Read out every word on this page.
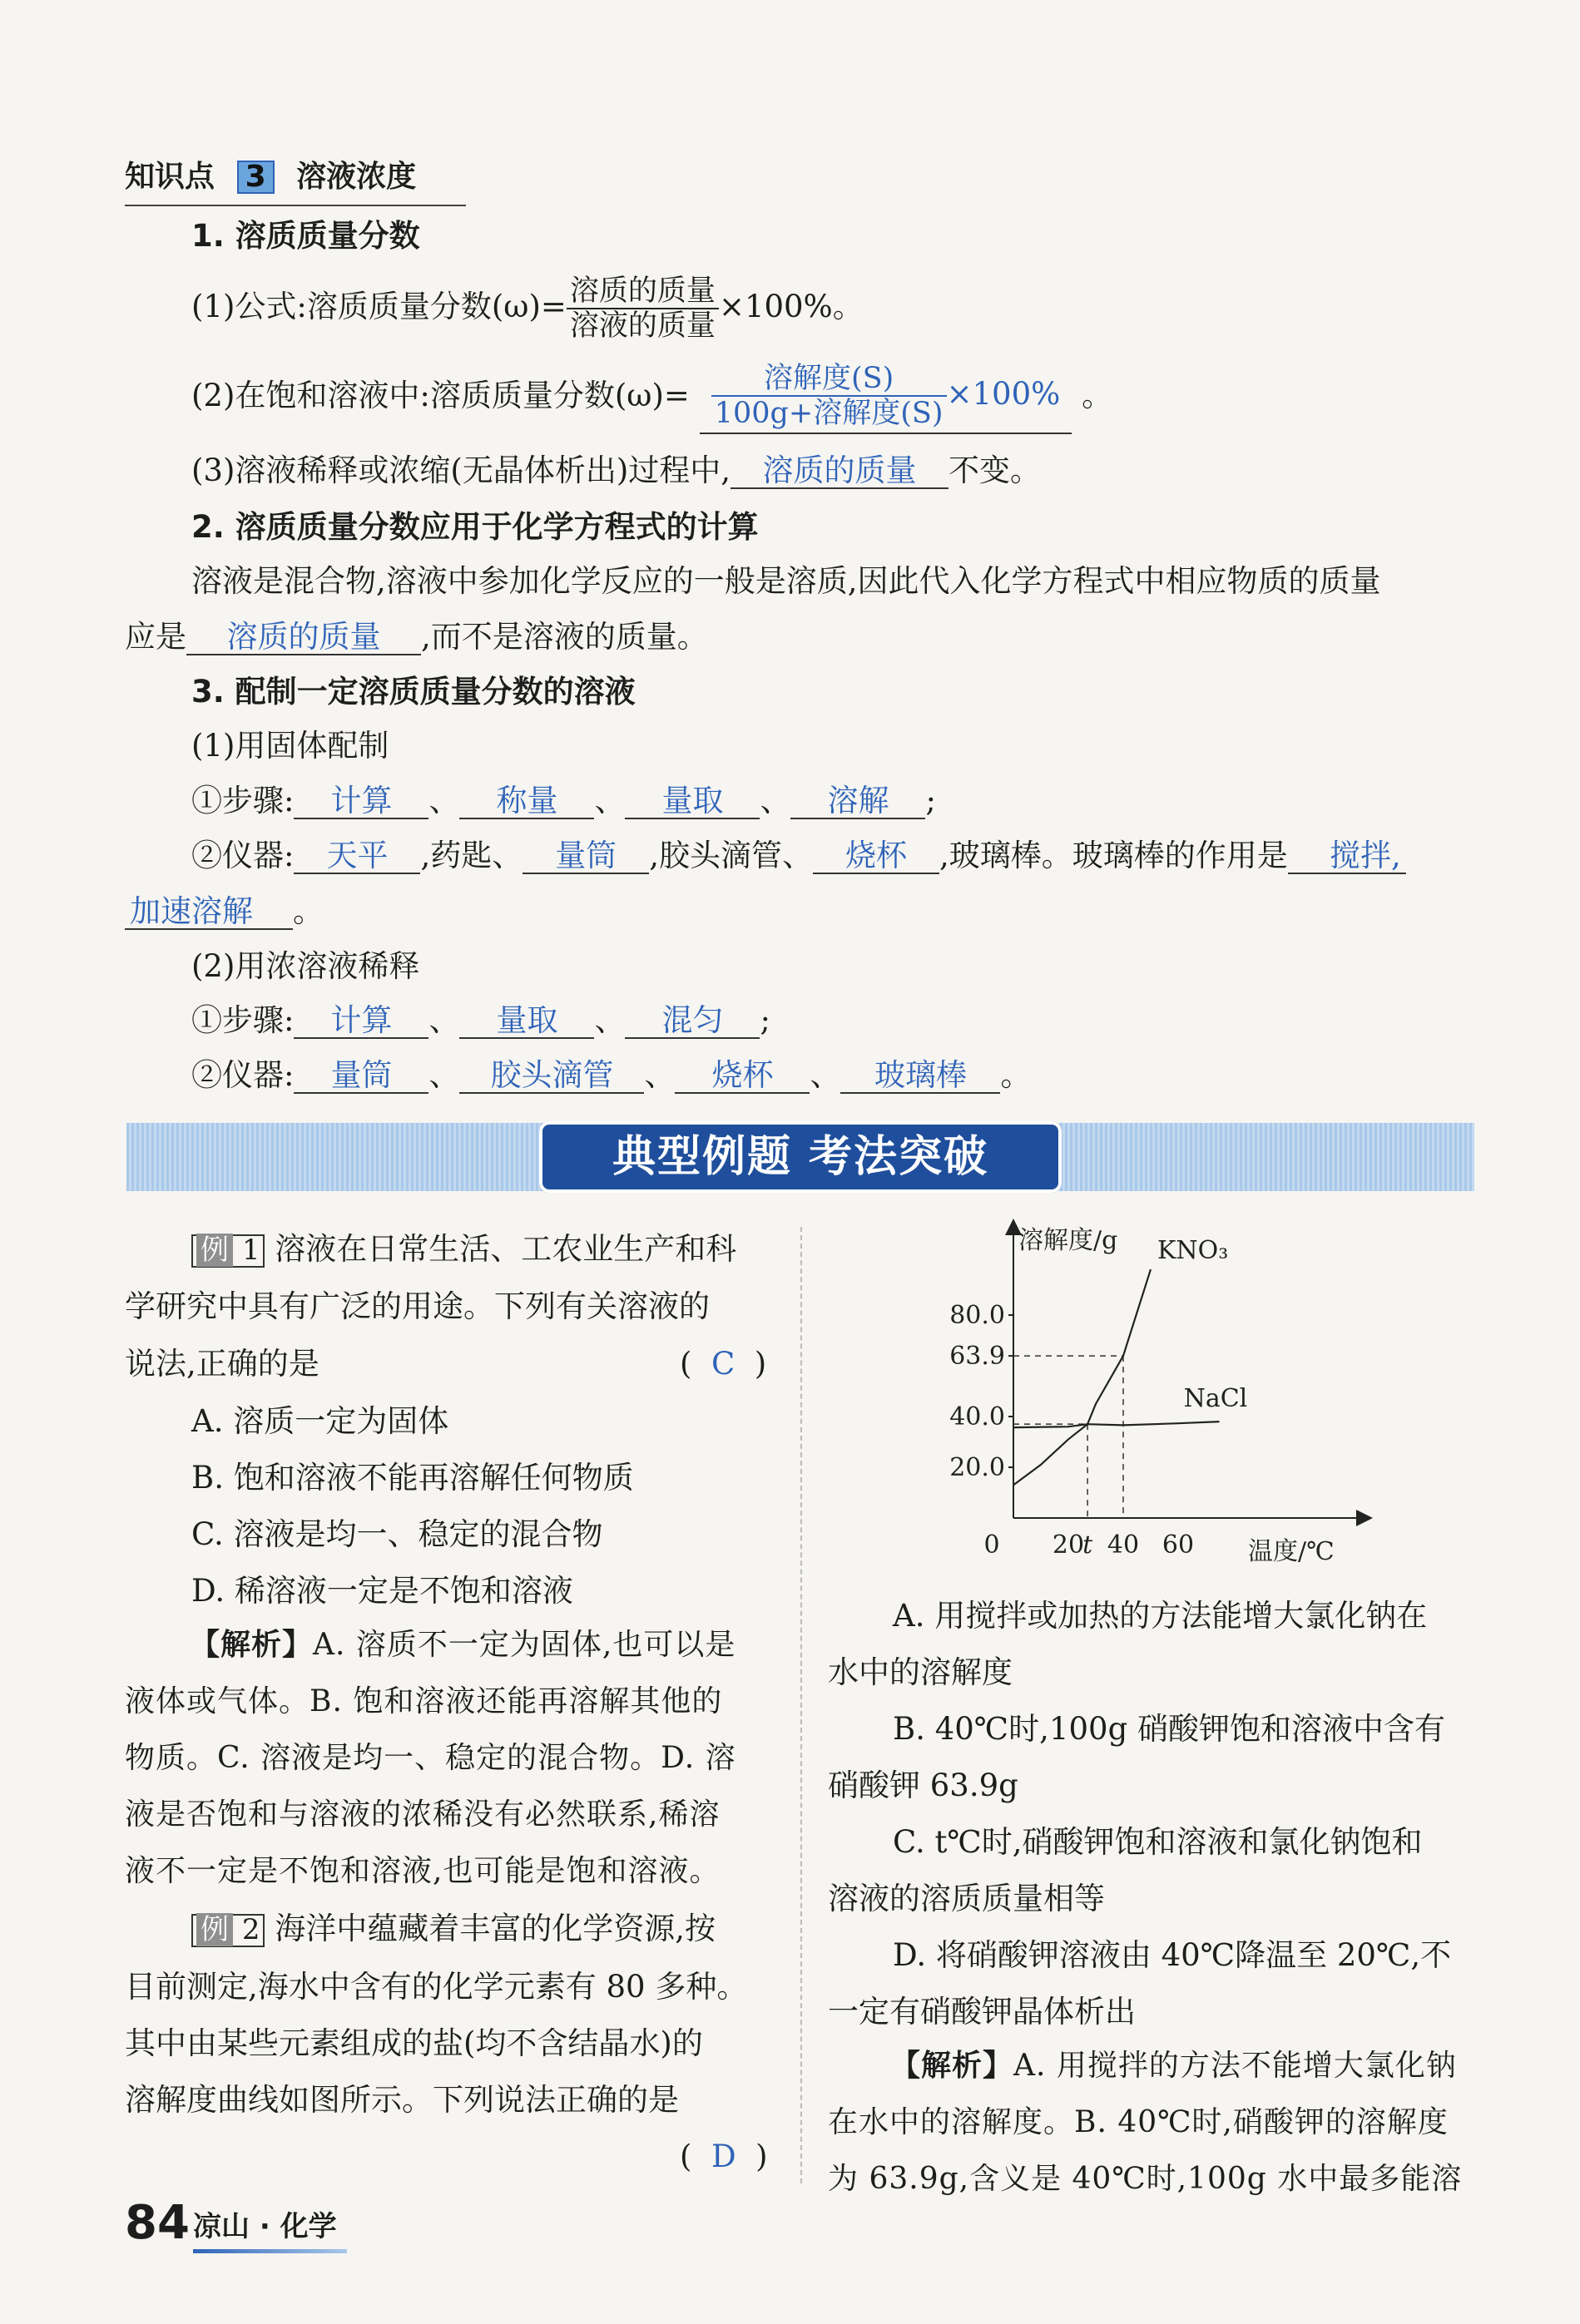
知识点 3 溶液浓度
1. 溶质质量分数
(1)公式:溶质质量分数$(\omega)= \frac{\text{溶质的质量}}{\text{溶液的质量}} \times 100\%$。
(2)在饱和溶液中:溶质质量分数$(\omega)= \frac{\text{溶解度(S)}}{\text{100g+溶解度(S)}} \times 100\%$ 。
(3)溶液稀释或浓缩(无晶体析出)过程中, 溶质的质量 不变。
2. 溶质质量分数应用于化学方程式的计算
溶液是混合物,溶液中参加化学反应的一般是溶质,因此代入化学方程式中相应物质的质量
应是 溶质的质量 ,而不是溶液的质量。
3. 配制一定溶质质量分数的溶液
(1)用固体配制
①步骤: 计算 、 称量 、 量取 、 溶解 ;
②仪器: 天平 ,药匙、 量筒 ,胶头滴管、 烧杯 ,玻璃棒。玻璃棒的作用是 搅拌,
加速溶解 。
(2)用浓溶液稀释
①步骤: 计算 、 量取 、 混匀 ;
②仪器: 量筒 、 胶头滴管 、 烧杯 、 玻璃棒 。
典型例题 考法突破
例 1 溶液在日常生活、工农业生产和科
学研究中具有广泛的用途。下列有关溶液的
说法,正确的是	(  C  )
A. 溶质一定为固体
B. 饱和溶液不能再溶解任何物质
C. 溶液是均一、稳定的混合物
D. 稀溶液一定是不饱和溶液
【解析】A. 溶质不一定为固体,也可以是
液体或气体。B. 饱和溶液还能再溶解其他的
物质。C. 溶液是均一、稳定的混合物。D. 溶
液是否饱和与溶液的浓稀没有必然联系,稀溶
液不一定是不饱和溶液,也可能是饱和溶液。
例 2 海洋中蕴藏着丰富的化学资源,按
目前测定,海水中含有的化学元素有 80 多种。
其中由某些元素组成的盐(均不含结晶水)的
溶解度曲线如图所示。下列说法正确的是
(  D  )
20.0
40.0
63.9
80.0
0 20
t 40 60
溶解度/g
温度/℃
KNO₃
NaCl
A. 用搅拌或加热的方法能增大氯化钠在
水中的溶解度
B. 40℃时,100g 硝酸钾饱和溶液中含有
硝酸钾 63.9g
C. t℃时,硝酸钾饱和溶液和氯化钠饱和
溶液的溶质质量相等
D. 将硝酸钾溶液由 40℃降温至 20℃,不
一定有硝酸钾晶体析出
【解析】A. 用搅拌的方法不能增大氯化钠
在水中的溶解度。B. 40℃时,硝酸钾的溶解度
为 63.9g,含义是 40℃时,100g 水中最多能溶
84 凉山 · 化学
